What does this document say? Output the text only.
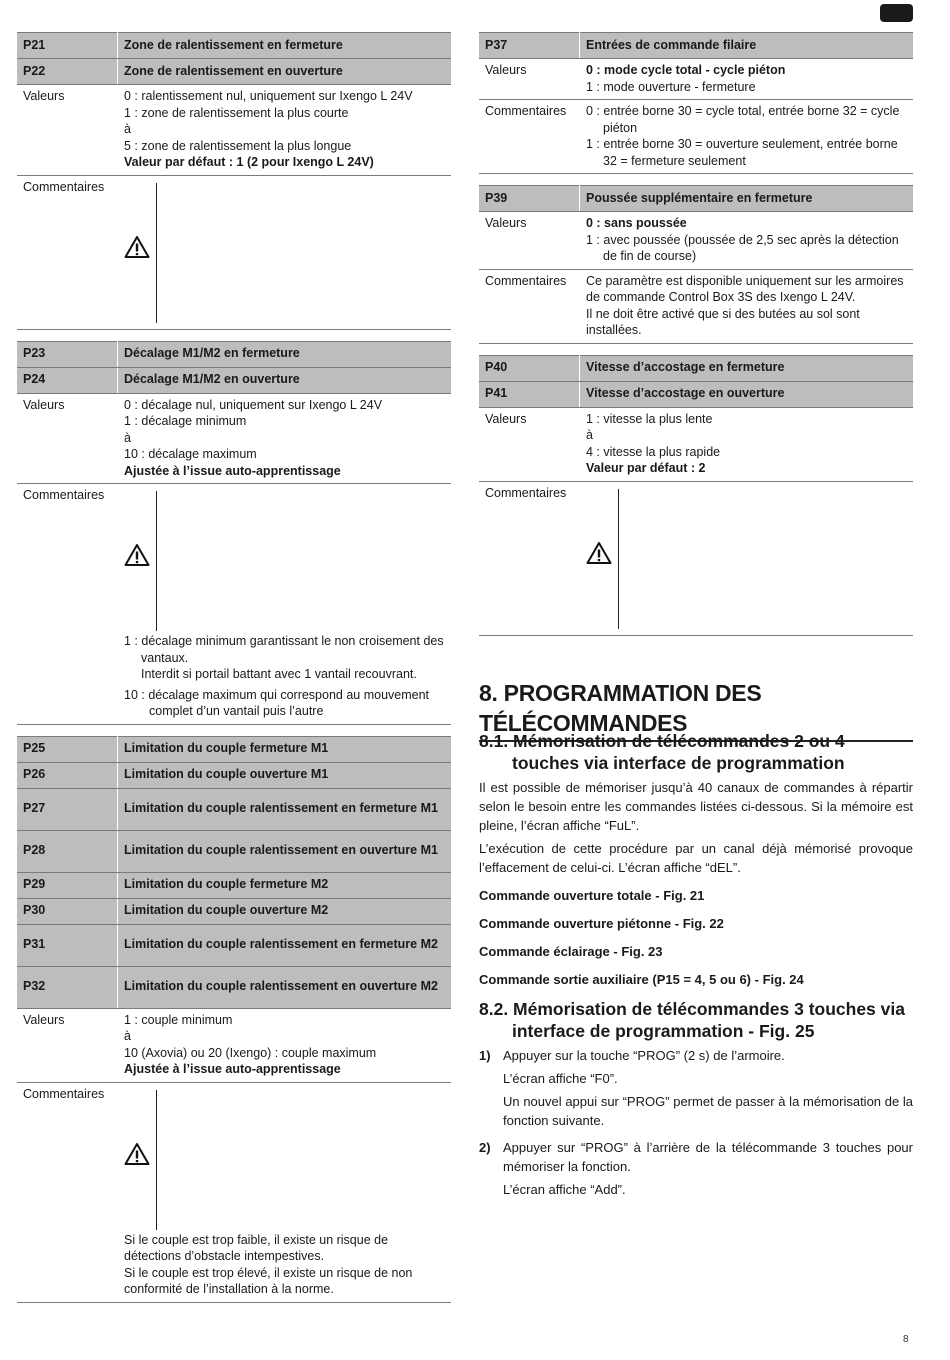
P21	Zone de ralentissement en fermeture
P22	Zone de ralentissement en ouverture
Valeurs	0 : ralentissement nul, uniquement sur Ixengo L 24V

1 : zone de ralentissement la plus courte

à

5 : zone de ralentissement la plus longue

Valeur par défaut : 1 (2 pour Ixengo L 24V)

Commentaires	
P23	Décalage M1/M2 en fermeture
P24	Décalage M1/M2 en ouverture
Valeurs	0 : décalage nul, uniquement sur Ixengo L 24V

1 : décalage minimum

à

10 : décalage maximum

Ajustée à l’issue auto-apprentissage

Commentaires	1 : décalage minimum garantissant le non croisement des vantaux.

Interdit si portail battant avec 1 vantail recouvrant.

10 : décalage maximum qui correspond au mouvement complet d’un vantail puis l’autre

P25	Limitation du couple fermeture M1
P26	Limitation du couple ouverture M1
P27	Limitation du couple ralentissement en fermeture M1
P28	Limitation du couple ralentissement en ouverture M1
P29	Limitation du couple fermeture M2
P30	Limitation du couple ouverture M2
P31	Limitation du couple ralentissement en fermeture M2
P32	Limitation du couple ralentissement en ouverture M2
Valeurs	1 : couple minimum

à

10 (Axovia) ou 20 (Ixengo) : couple maximum

Ajustée à l’issue auto-apprentissage

Commentaires	Si le couple est trop faible, il existe un risque de détections d’obstacle intempestives.

Si le couple est trop élevé, il existe un risque de non conformité de l’installation à la norme.

P37	Entrées de commande filaire
Valeurs	0 : mode cycle total - cycle piéton

1 : mode ouverture - fermeture

Commentaires	0 : entrée borne 30 = cycle total, entrée borne 32 = cycle piéton

1 : entrée borne 30 = ouverture seulement, entrée borne 32 = fermeture seulement

P39	Poussée supplémentaire en fermeture
Valeurs	0 : sans poussée

1 : avec poussée (poussée de 2,5 sec après la détection de fin de course)

Commentaires	Ce paramètre est disponible uniquement sur les armoires de commande Control Box 3S des Ixengo L 24V.

Il ne doit être activé que si des butées au sol sont installées.

P40	Vitesse d’accostage en fermeture
P41	Vitesse d’accostage en ouverture
Valeurs	1 : vitesse la plus lente

à

4 : vitesse la plus rapide

Valeur par défaut : 2

Commentaires	
8. PROGRAMMATION DES TÉLÉCOMMANDES
8.1. Mémorisation de télécommandes 2 ou 4 touches via interface de programmation

Il est possible de mémoriser jusqu’à 40 canaux de commandes à répartir selon le besoin entre les commandes listées ci-dessous. Si la mémoire est pleine, l’écran affiche “FuL”.

L’exécution de cette procédure par un canal déjà mémorisé provoque l’effacement de celui-ci. L’écran affiche “dEL”.

Commande ouverture totale - Fig. 21

Commande ouverture piétonne - Fig. 22

Commande éclairage - Fig. 23

Commande sortie auxiliaire (P15 = 4, 5 ou 6) - Fig. 24

8.2. Mémorisation de télécommandes 3 touches via interface de programmation - Fig. 25
1) Appuyer sur la touche “PROG” (2 s) de l’armoire.

L’écran affiche “F0”.

Un nouvel appui sur “PROG” permet de passer à la mémorisation de la fonction suivante.

2) Appuyer sur “PROG” à l’arrière de la télécommande 3 touches pour mémoriser la fonction.

L’écran affiche “Add”.

8
